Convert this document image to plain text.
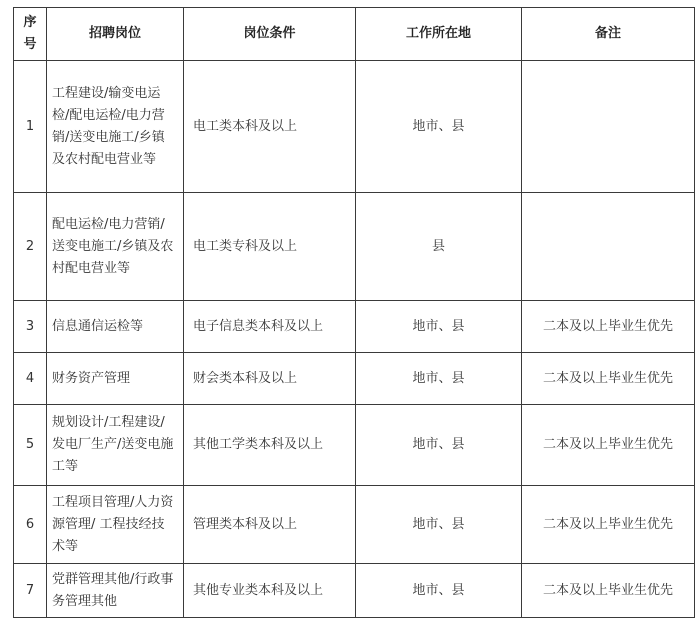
序号	招聘岗位	岗位条件	工作所在地	备注
1	工程建设/输变电运检/配电运检/电力营销/送变电施工/乡镇及农村配电营业等	电工类本科及以上	地市、县	
2	配电运检/电力营销/送变电施工/乡镇及农村配电营业等	电工类专科及以上	县	
3	信息通信运检等	电子信息类本科及以上	地市、县	二本及以上毕业生优先
4	财务资产管理	财会类本科及以上	地市、县	二本及以上毕业生优先
5	规划设计/工程建设/发电厂生产/送变电施工等	其他工学类本科及以上	地市、县	二本及以上毕业生优先
6	工程项目管理/人力资源管理/ 工程技经技术等	管理类本科及以上	地市、县	二本及以上毕业生优先
7	党群管理其他/行政事务管理其他	其他专业类本科及以上	地市、县	二本及以上毕业生优先
